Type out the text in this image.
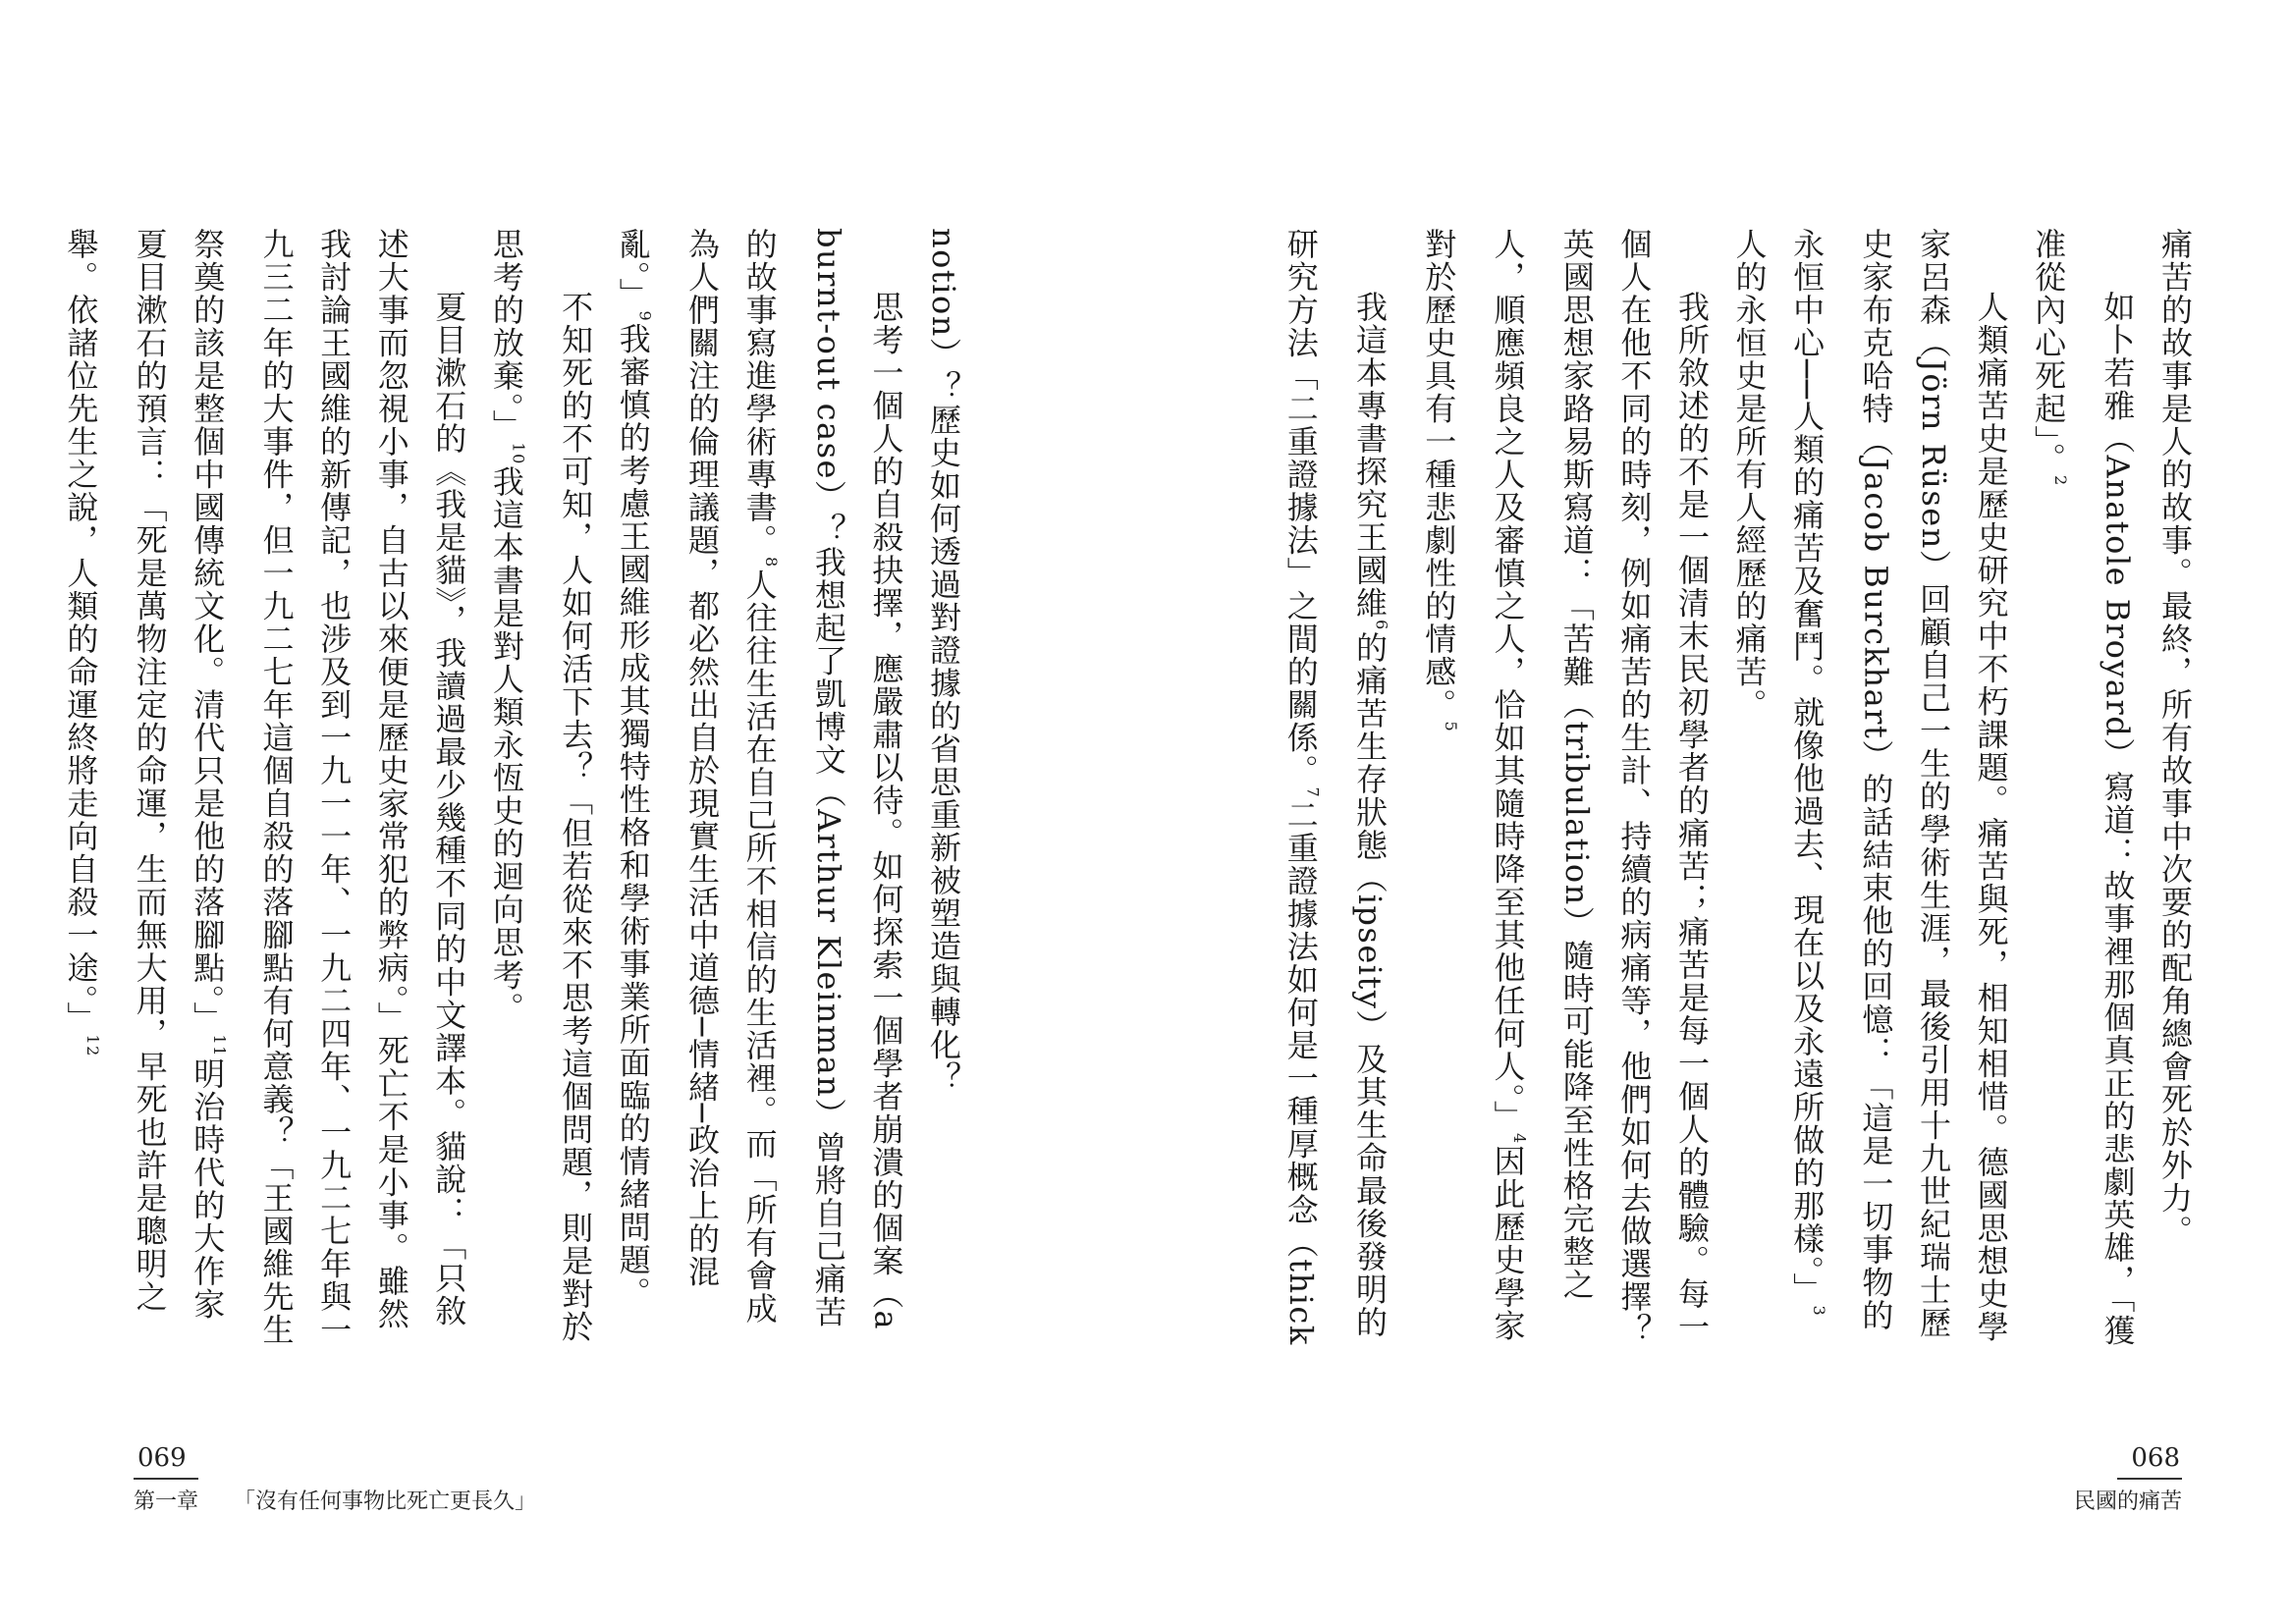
痛苦的故事是人的故事。最終，所有故事中次要的配角總會死於外力。

如卜若雅（Anatole Broyard）寫道：故事裡那個真正的悲劇英雄，「獲准從內心死起」。$^2$

人類痛苦史是歷史研究中不朽課題。痛苦與死，相知相惜。德國思想史學家呂森（Jörn Rüsen）回顧自己一生的學術生涯，最後引用十九世紀瑞士歷史家布克哈特（Jacob Burckhart）的話結束他的回憶：「這是一切事物的永恒中心──人類的痛苦及奮鬥。就像他過去、現在以及永遠所做的那樣。」$^3$人的永恒史是所有人經歷的痛苦。

我所敘述的不是一個清末民初學者的痛苦；痛苦是每一個人的體驗。每一個人在他不同的時刻，例如痛苦的生計、持續的病痛等，他們如何去做選擇？英國思想家路易斯寫道：「苦難（tribulation）隨時可能降至性格完整之人，順應頻良之人及審慎之人，恰如其隨時降至其他任何人。」$^4$因此歷史學家對於歷史具有一種悲劇性的情感。$^5$

我這本專書探究王國維$^6$的痛苦生存狀態（ipseity）及其生命最後發明的研究方法「二重證據法」之間的關係。$^7$二重證據法如何是一種厚概念（thick

068
民國的痛苦

notion）？歷史如何透過對證據的省思重新被塑造與轉化？

思考一個人的自殺抉擇，應嚴肅以待。如何探索一個學者崩潰的個案（a burnt-out case）？我想起了凱博文（Arthur Kleinman）曾將自己痛苦的故事寫進學術專書。$^8$人往往生活在自己所不相信的生活裡。而「所有會成為人們關注的倫理議題，都必然出自於現實生活中道德─情緒─政治上的混亂。」$^9$我審慎的考慮王國維形成其獨特性格和學術事業所面臨的情緒問題。

不知死的不可知，人如何活下去？「但若從來不思考這個問題，則是對於思考的放棄。」$^{10}$我這本書是對人類永恆史的迴向思考。

夏目漱石的《我是貓》，我讀過最少幾種不同的中文譯本。貓說：「只敘述大事而忽視小事，自古以來便是歷史家常犯的弊病。」死亡不是小事。雖然我討論王國維的新傳記，也涉及到一九一一年、一九二四年、一九二七年與一九三二年的大事件，但一九二七年這個自殺的落腳點有何意義？「王國維先生祭奠的該是整個中國傳統文化。清代只是他的落腳點。」$^{11}$明治時代的大作家夏目漱石的預言：「死是萬物注定的命運，生而無大用，早死也許是聰明之舉。依諸位先生之說，人類的命運終將走向自殺一途。」$^{12}$

069
第一章 「沒有任何事物比死亡更長久」
